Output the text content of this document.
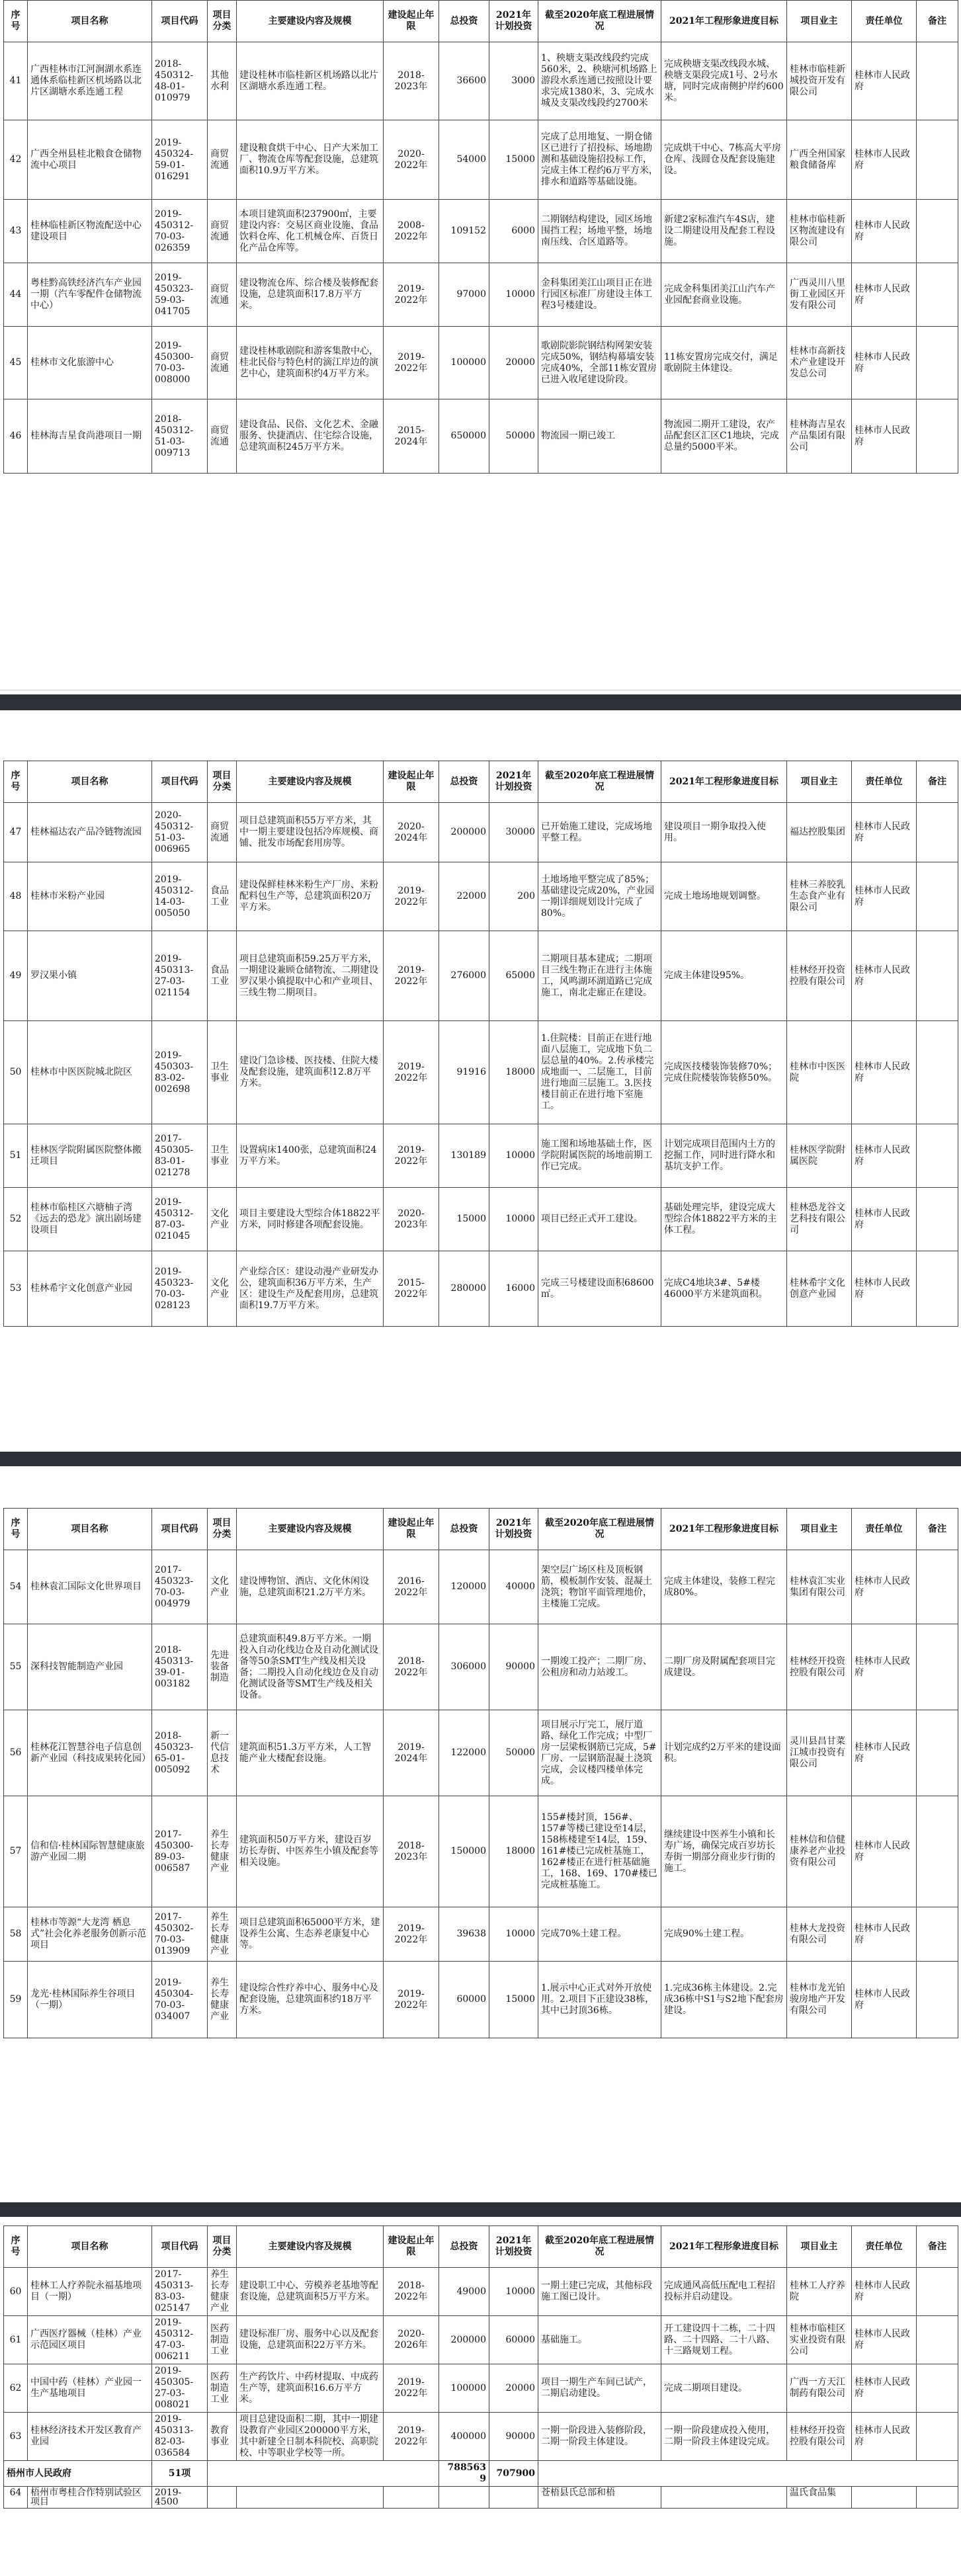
序号	项目名称	项目代码	项目分类	主要建设内容及规模	建设起止年限	总投资	2021年计划投资	截至2020年底工程进展情况	2021年工程形象进度目标	项目业主	责任单位	备注
41	广西桂林市江河涧湖水系连通体系临桂新区机场路以北片区湖塘水系连通工程	2018-450312-48-01-010979	其他水利	建设桂林市临桂新区机场路以北片区湖塘水系连通工程。	2018-2023年	36600	3000	1、秧塘支渠改线段约完成560米，2、秧塘河机场路上游段水系连通已按照设计要求完成1380米，3、完成水城及支渠改线段约2700米	完成秧塘支渠改线段水城、秧塘支渠段完成1号、2号水塘，同时完成南侧护岸约600米。	桂林市临桂新城投资开发有限公司	桂林市人民政府	
42	广西全州县桂北粮食仓储物流中心项目	2019-450324-59-01-016291	商贸流通	建设粮食烘干中心、日产大米加工厂、物流仓库等配套设施，总建筑面积10.9万平方米。	2020-2022年	54000	15000	完成了总用地复、一期仓储区已进行了招投标、场地勘测和基础设施招投标工作，完成主体工程约6万平方米，排水和道路等基础设施。	完成烘干中心、7栋高大平房仓库、浅圆仓及配套设施建设。	广西全州国家粮食储备库	桂林市人民政府	
43	桂林临桂新区物流配送中心建设项目	2019-450312-70-03-026359	商贸流通	本项目建筑面积237900㎡，主要建设内容：交易区商业设施、食品饮料仓库、化工机械仓库、百货日化产品仓库等。	2008-2022年	109152	6000	二期钢结构建设，园区场地围挡工程；场地平整，场地南压线、合区道路等。	新建2家标准汽车4S店，建设二期建设用及配套工程设施。	桂林市临桂新区物流建设有限公司	桂林市人民政府	
44	粤桂黔高铁经济汽车产业园一期（汽车零配件仓储物流中心）	2019-450323-59-03-041705	商贸流通	建设物流仓库、综合楼及装修配套设施，总建筑面积17.8万平方米。	2019-2022年	97000	10000	金科集团美江山项目正在进行园区标准厂房建设主体工程3号楼建设。	完成金科集团美江山汽车产业园配套商业设施。	广西灵川八里街工业园区开发有限公司	桂林市人民政府	
45	桂林市文化旅游中心	2019-450300-70-03-008000	商贸流通	建设桂林歌剧院和游客集散中心，桂北民俗与特色村的滴江岸边的演艺中心，建筑面积约4万平方米。	2019-2022年	100000	20000	歌剧院影院钢结构网架安装完成50%，钢结构幕墙安装完成40%，全部11栋安置房已进入收尾建设阶段。	11栋安置房完成交付，满足歌剧院主体建设。	桂林市高新技术产业建设开发总公司	桂林市人民政府	
46	桂林海吉星食尚港项目一期	2018-450312-51-03-009713	商贸流通	建设食品、民俗、文化艺术、金融服务、快捷酒店、住宅综合设施，总建筑面积245万平方米。	2015-2024年	650000	50000	物流园一期已竣工	物流园二期开工建设，农产品配套区汇区C1地块，完成总量约5000平米。	桂林海吉星农产品集团有限公司	桂林市人民政府	
序号	项目名称	项目代码	项目分类	主要建设内容及规模	建设起止年限	总投资	2021年计划投资	截至2020年底工程进展情况	2021年工程形象进度目标	项目业主	责任单位	备注
47	桂林福达农产品冷链物流园	2020-450312-51-03-006965	商贸流通	项目总建筑面积55万平方米，其中一期主要建设包括冷库规模、商铺、批发市场配套用房等。	2020-2024年	200000	30000	已开始施工建设，完成场地平整工程。	建设项目一期争取投入使用。	福达控股集团	桂林市人民政府	
48	桂林市米粉产业园	2019-450312-14-03-005050	食品工业	建设保鲜桂林米粉生产厂房、米粉配料包生产等，总建筑面积20万平方米。	2019-2022年	22000	200	土地场地平整完成了85%；基础建设完成20%，产业园一期详细规划设计完成了80%。	完成土地场地规划调整。	桂林三养胶乳生态食产业有限公司	桂林市人民政府	
49	罗汉果小镇	2019-450313-27-03-021154	食品工业	项目总建筑面积59.25万平方米，一期建设兼顾仓储物流、二期建设罗汉果小镇提取中心和产业项目、三线生物二期项目。	2019-2022年	276000	65000	二期项目基本建成；二期项目三线生物正在进行主体施工，风鸣湖环湖道路已完成施工，南北走廊正在建设。	完成主体建设95%。	桂林经开投资控股有限公司	桂林市人民政府	
50	桂林市中医医院城北院区	2019-450303-83-02-002698	卫生事业	建设门急诊楼、医技楼、住院大楼及配套设施，建筑面积12.8万平方米。	2019-2022年	91916	18000	1.住院楼：目前正在进行地面八层施工，完成地下负二层总量的40%。2.传承楼完成地面一、二层施工，目前进行地面三层施工。3.医技楼目前正在进行地下室施工。	完成医技楼装饰装修70%；完成住院楼装饰装修50%。	桂林市中医医院	桂林市人民政府	
51	桂林医学院附属医院整体搬迁项目	2017-450305-83-01-021278	卫生事业	设置病床1400张，总建筑面积24万平方米。	2019-2022年	130189	10000	施工图和场地基础土作，医学院附属医院的场地前期工作已完成。	计划完成项目范围内土方的挖掘工作，同时进行降水和基坑支护工作。	桂林医学院附属医院	桂林市人民政府	
52	桂林市临桂区六塘柚子湾《远去的恐龙》演出剧场建设项目	2019-450312-87-03-021045	文化产业	项目主要建设大型综合体18822平方米，同时修建各项配套设施。	2020-2023年	15000	10000	项目已经正式开工建设。	基础处理完毕，建设完成大型综合体18822平方米的主体工程。	桂林恐龙谷文艺科技有限公司	桂林市人民政府	
53	桂林希宇文化创意产业园	2019-450323-70-03-028123	文化产业	产业综合区：建设动漫产业研发办公，建筑面积36万平方米，生产区：建设生产及配套用房，总建筑面积19.7万平方米。	2015-2022年	280000	16000	完成三号楼建设面积68600㎡。	完成C4地块3#、5#楼46000平方米建筑面积。	桂林希宇文化创意产业园	桂林市人民政府	
序号	项目名称	项目代码	项目分类	主要建设内容及规模	建设起止年限	总投资	2021年计划投资	截至2020年底工程进展情况	2021年工程形象进度目标	项目业主	责任单位	备注
54	桂林袁汇国际文化世界项目	2017-450323-70-03-004979	文化产业	建设博物馆、酒店、文化休闲设施，总建筑面积21.2万平方米。	2016-2022年	120000	40000	架空层广场区柱及顶板钢筋，模板制作安装、混凝土浇筑；物馆平面管理地价，主楼施工完成。	完成主体建设，装修工程完成80%。	桂林袁汇实业集团有限公司	桂林市人民政府	
55	深科技智能制造产业园	2018-450313-39-01-003182	先进装备制造	总建筑面积49.8万平方米。一期投入自动化线边仓及自动化测试设备等50条SMT生产线及相关设备；二期投入自动化线边仓及自动化测试设备等SMT生产线及相关设备。	2018-2022年	306000	90000	一期竣工投产；二期厂房、公租房和动力站竣工。	二期厂房及附属配套项目完成建设。	桂林经开投资控股有限公司	桂林市人民政府	
56	桂林花江智慧谷电子信息创新产业园（科技成果转化园）	2018-450323-65-01-005092	新一代信息技术	建筑面积51.3万平方米，人工智能产业大楼配套设施。	2019-2024年	122000	50000	项目展示厅完工，展厅道路、绿化工作完成；中型厂房一层梁板钢筋已完成，5#厂房、一层钢筋混凝土浇筑完成，会议楼四楼单体完成。	计划完成约2万平米的建设面积。	灵川县昌甘菜江城市投资有限公司	桂林市人民政府	
57	信和信·桂林国际智慧健康旅游产业园二期	2017-450300-89-03-006587	养生长寿健康产业	建筑面积50万平方米，建设百岁坊长寿街、中医养生小镇及配套等相关设施。	2018-2023年	150000	18000	155#楼封顶，156#、157#等楼已建设至14层，158栋楼建至14层，159、161#楼已完成桩基施工，162#楼正在进行桩基础施工，168、169、170#楼已完成桩基施工。	继续建设中医养生小镇和长寿广场，确保完成百岁坊长寿街一期部分商业步行街的施工。	桂林信和信健康养老产业投资有限公司	桂林市人民政府	
58	桂林市等源“大龙湾 栖息式”社会化养老服务创新示范项目	2017-450302-70-03-013909	养生长寿健康产业	项目总建筑面积65000平方米，建设养生公寓、生态养老康复中心等。	2019-2022年	39638	10000	完成70%土建工程。	完成90%土建工程。	桂林大龙投资有限公司	桂林市人民政府	
59	龙光·桂林国际养生谷项目（一期）	2019-450304-70-03-034007	养生长寿健康产业	建设综合性疗养中心、服务中心及配套设施，总建筑面积约18万平方米。	2019-2022年	60000	15000	1.展示中心正式对外开放使用。2.项目下正建设38栋，其中已封顶36栋。	1.完成36栋主体建设。2.完成36栋中S1与S2地下配套房建设。	桂林市龙光铂骏房地产开发有限公司	桂林市人民政府	
序号	项目名称	项目代码	项目分类	主要建设内容及规模	建设起止年限	总投资	2021年计划投资	截至2020年底工程进展情况	2021年工程形象进度目标	项目业主	责任单位	备注
60	桂林工人疗养院永福基地项目（一期）	2017-450313-83-03-025147	养生长寿健康产业	建设职工中心、劳模养老基地等配套设施，总建筑面积5万平方米。	2018-2022年	49000	10000	一期土建已完成，其他标段施工图已设计。	完成通风高低压配电工程招投标并启动建设。	桂林工人疗养院	桂林市人民政府	
61	广西医疗器械（桂林）产业示范园区项目	2019-450312-47-03-006211	医药制造工业	建设标准厂房、服务中心以及配套设施，总建筑面积22万平方米。	2020-2026年	200000	60000	基础施工。	开工建设四十二栋，二十四路、二十四路、二十八路、十三路规划工程。	桂林市临桂区实业投资有限公司	桂林市人民政府	
62	中国中药（桂林）产业园一生产基地项目	2019-450305-27-03-008021	医药制造工业	生产药饮片、中药材提取、中成药生产等，建筑面积16.6万平方米。	2019-2022年	100000	20000	项目一期生产车间已试产，二期启动建设。	完成二期项目建设。	广西一方天江制药有限公司	桂林市人民政府	
63	桂林经济技术开发区教育产业园	2019-450313-82-03-036584	教育事业	项目总建设面积二期，其中一期建设教育产业园区200000平方米，其中新建全日制本科院校、高职院校、中等职业学校等一所。	2019-2022年	400000	90000	一期一阶段进入装修阶段，二期一阶段主体建设。	一期一阶段建成投入使用，二期一阶段主体建设完成。	桂林经开投资控股有限公司	桂林市人民政府	
梧州市人民政府		51项				7885639	707900					
64	梧州市粤桂合作特别试验区项目	2019-4500						苍梧县氏总部和梧		温氏食品集		
